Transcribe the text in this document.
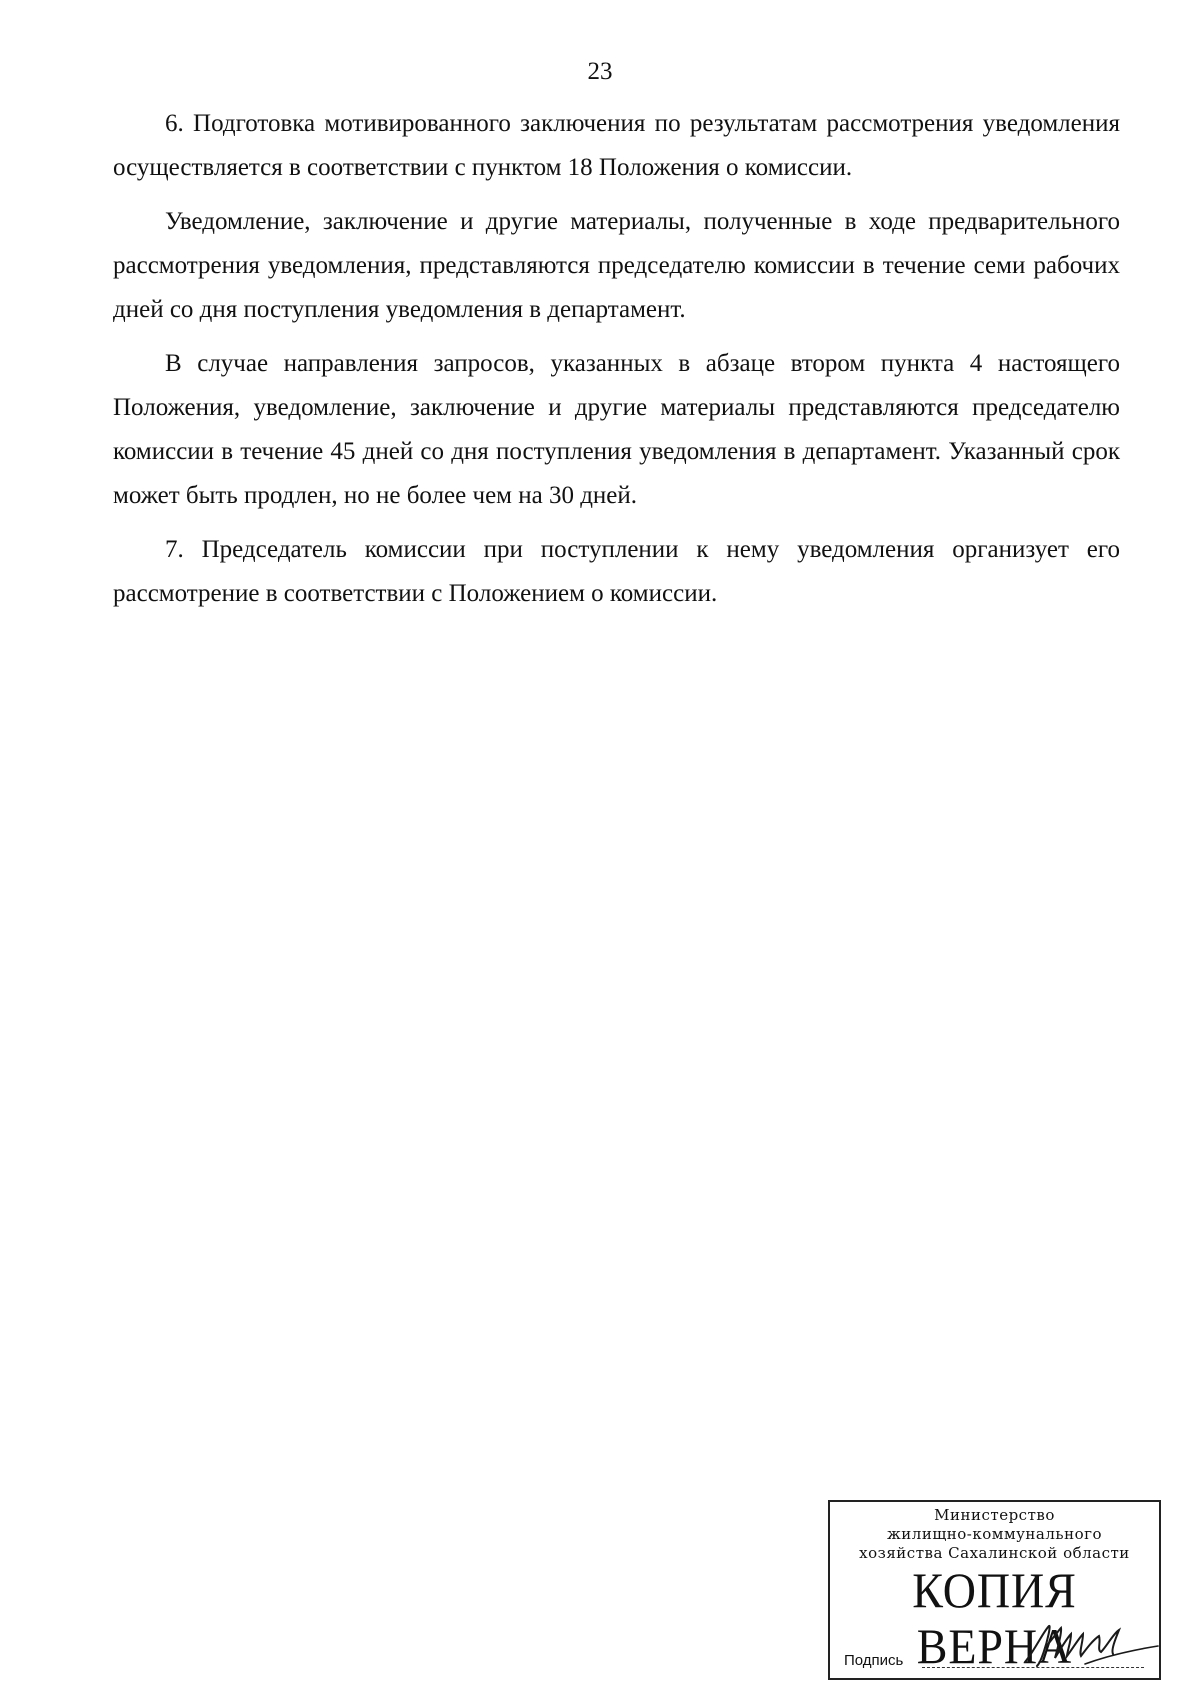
23

6. Подготовка мотивированного заключения по результатам рассмотрения уведомления осуществляется в соответствии с пунктом 18 Положения о комиссии.

Уведомление, заключение и другие материалы, полученные в ходе предварительного рассмотрения уведомления, представляются председателю комиссии в течение семи рабочих дней со дня поступления уведомления в департамент.

В случае направления запросов, указанных в абзаце втором пункта 4 настоящего Положения, уведомление, заключение и другие материалы представляются председателю комиссии в течение 45 дней со дня поступления уведомления в департамент. Указанный срок может быть продлен, но не более чем на 30 дней.

7. Председатель комиссии при поступлении к нему уведомления организует его рассмотрение в соответствии с Положением о комиссии.

Министерство
жилищно-коммунального
хозяйства Сахалинской области
КОПИЯ ВЕРНА
Подпись
